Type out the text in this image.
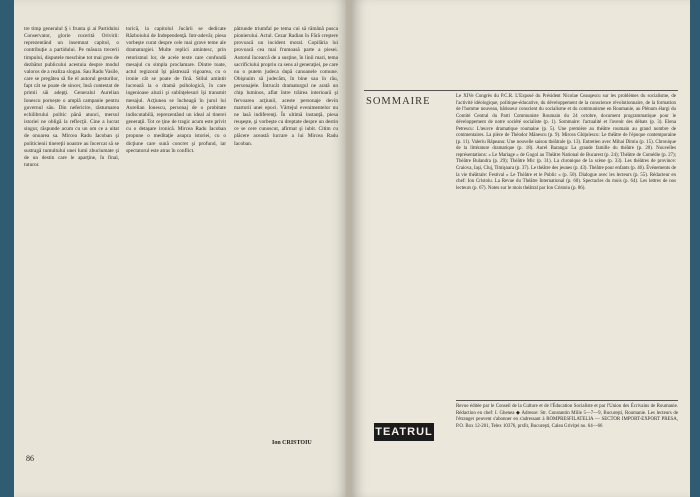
tre timp generalul Ş i frunta şi ai Partidului Conservator, glorie cucerită Orivirii: reprezentând un insemnat capitol, o contribuţie a partidului. Pe măsura trecerii timpului, disputele meschine tot mai greu de dezbătut publicului acestuia despre modul valoros de a realiza slogan. Sau Radu Vasile, care se pregătea să fie el autorul gesturilor, fapt cât se poate de sincer, însă contestat de primii săi adepţi. Generalul Aurelian Ionescu pornește o amplă campanie pentru guvernul său. Din nefericire, răsturnarea echilibrului politic până atunci, mersul istoriei ne obligă la reflecţii. Cine a lucrat singur, răspunde acum cu un om ce a uitat de onoarea sa. Mircea Radu Iacoban şi politicienii tinereţii noastre au încercat să se sustragă tumultului unei lumi zbuciumate şi de un destin care le aparţine, în final, tuturor.

torică, la capitolul Jucării se dedicate Războiului de Independenţă. Intr-adevăr, piesa vorbeşte curat despre cele mai grave teme ale dramaturgiei. Multe replici amintesc, prin retorismul lor, de acele texte care confundă mesajul cu simpla proclamare. Dintre toate, actul regizoral îşi păstrează vigoarea, cu o ironie cât se poate de fină. Stilul amintit lucrează la o dramă psihologică, în care ingenioase aluzii şi subînţelesuri îşi transmit mesajul. Acţiunea se încheagă în jurul lui Aurelian Ionescu, personaj de o probitate indiscutabilă, reprezentând un ideal al tinerei generaţii. Tot ce ţine de tragic acum este privit cu o detaşare ironică. Mircea Radu Iacoban propune o meditaţie asupra istoriei, cu o dicţiune care sună concret şi profund, iar spectatorul este atras în conflict.

pătrunde triumfal pe tema cui să rămână pusca pionierului. Actul. Cezar Radian în Fără creştere provoacă un incident moral. Copilăria lui provoacă cea mai frumoasă parte a piesei. Autorul încearcă de a susţine, în linii mari, tema sacrificiului propriu ca sens al generaţiei, pe care nu o putem judeca după canoanele comune. Obişnuim să judecăm, în bine sau în rău, personajele. Întrucât dramaturgul ne arată un chip luminos, aflat între trăirea interioară şi fervoarea acţiunii, aceste personaje devin martorii unei epoci. Vârtejul evenimentelor nu ne lasă indiferenţi. În ultimă instanţă, piesa reuşeşte, şi vorbeşte cu dreptate despre un destin ce se cere cunoscut, afirmat şi iubit. Citim cu plăcere această lucrare a lui Mircea Radu Iacoban.

Ion CRISTOIU
86
SOMMAIRE	Le XIVe Congrès du P.C.R. L'Exposé du Président Nicolae Ceauşescu sur les problèmes du socialisme, de l'activité idéologique, politique-éducative, du développement de la conscience révolutionnaire, de la formation de l'homme nouveau, bâtisseur conscient du socialisme et du communisme en Roumanie, au Plénum élargi du Comité Central du Parti Communiste Roumain du 24 octobre, document programmatique pour le développement de notre société socialiste (p. 1). Sommaire: l'actualité et l'avenir des débats (p. 3). Elena Petrescu: L'œuvre dramatique roumaine (p. 5). Une première au théâtre roumain au grand nombre de commentaires. La pièce de Théodor Mănescu (p. 9). Mircea Ghiţulescu: Le théâtre de l'époque contemporaine (p. 11). Valeriu Râpeanu: Une nouvelle saison théâtrale (p. 13). Entretien avec Mihai Dimiu (p. 15). Chronique de la littérature dramatique (p. 18). Aurel Baranga: La grande famille du théâtre (p. 20). Nouvelles représentations: « Le Mariage » de Gogol au Théâtre National de Bucarest (p. 24); Théâtre de Comédie (p. 27); Théâtre Bulandra (p. 29); Théâtre Mic (p. 31). La chronique de la scène (p. 33). Les théâtres de province: Craiova, Iaşi, Cluj, Timişoara (p. 37). Le théâtre des jeunes (p. 43). Théâtre pour enfants (p. 46). Événements de la vie théâtrale: Festival « Le Théâtre et le Public » (p. 50). Dialogue avec les lecteurs (p. 55). Rédacteur en chef: Ion Cristoiu. La Revue du Théâtre International (p. 60). Spectacles du mois (p. 64). Les lettres de nos lecteurs (p. 67). Notes sur le mois théâtral par Ion Cristoiu (p. 86).

TEATRUL
Revue éditée par le Conseil de la Culture et de l'Éducation Socialiste et par l'Union des Écrivains de Roumanie. Rédaction en chef: I. Ghenea ◆ Adresse: Str. Constantin Mille 5—7—9, Bucureşti, Roumanie. Les lecteurs de l'étranger peuvent s'abonner en s'adressant à ROMPRESFILATELIA — SECTOR IMPORT-EXPORT PRESA, P.O. Box 12-201, Telex 10376, prsfir, Bucureşti, Calea Griviţei no. 64—66
